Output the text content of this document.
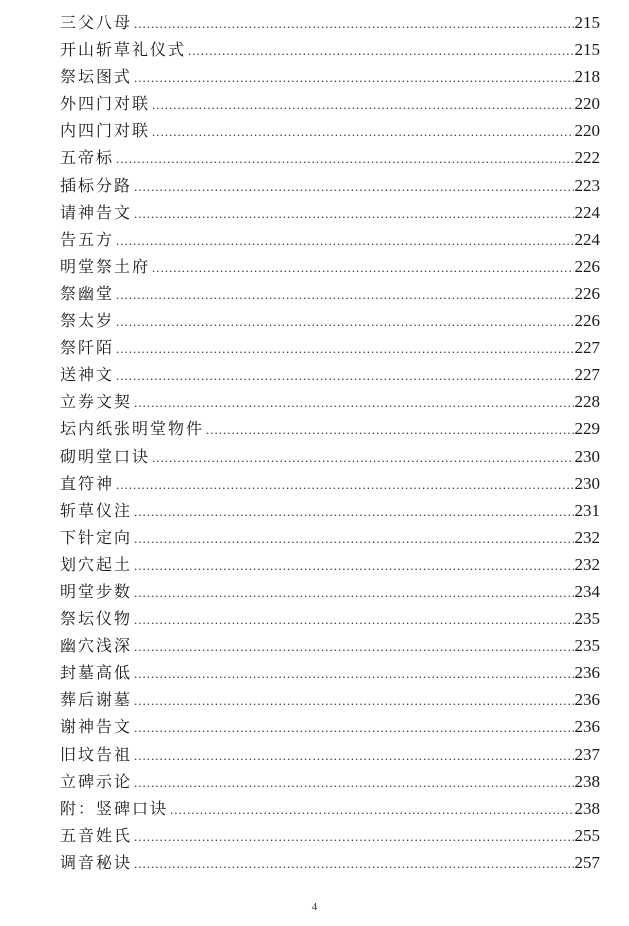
三父八母 .....	215
开山斩草礼仪式 .....	215
祭坛图式 .....	218
外四门对联 .....	220
内四门对联 .....	220
五帝标 .....	222
插标分路 .....	223
请神告文 .....	224
告五方 .....	224
明堂祭土府 .....	226
祭幽堂 .....	226
祭太岁 .....	226
祭阡陌 .....	227
送神文 .....	227
立券文契 .....	228
坛内纸张明堂物件 .....	229
砌明堂口诀 .....	230
直符神 .....	230
斩草仪注 .....	231
下针定向 .....	232
划穴起土 .....	232
明堂步数 .....	234
祭坛仪物 .....	235
幽穴浅深 .....	235
封墓高低 .....	236
葬后谢墓 .....	236
谢神告文 .....	236
旧坟告祖 .....	237
立碑示论 .....	238
附：竖碑口诀 .....	238
五音姓氏 .....	255
调音秘诀 .....	257
4
